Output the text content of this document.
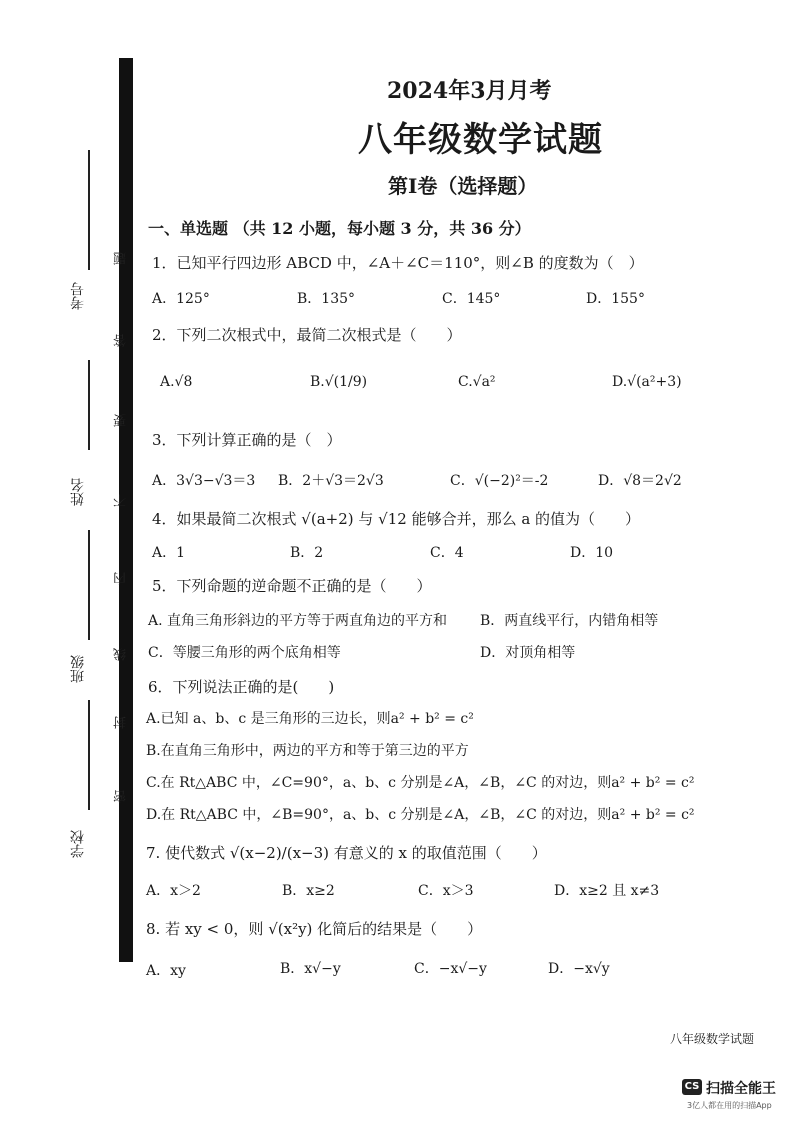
考号
姓名
班级
学校
题
答
要
不
内
线
封
密
2024年3月月考
八年级数学试题
第Ⅰ卷（选择题）
一、单选题 （共 12 小题，每小题 3 分，共 36 分）
1．已知平行四边形 ABCD 中，∠A＋∠C＝110°，则∠B 的度数为（　）
A．125°	B．135°	C．145°	D．155°
2．下列二次根式中，最简二次根式是（　　）
A.√8	B.√(1/9)	C.√a²	D.√(a²+3)
3．下列计算正确的是（　）
A．3√3−√3＝3 B．2＋√3＝2√3	C．√(−2)²＝-2	D．√8＝2√2
4．如果最简二次根式 √(a+2) 与 √12 能够合并，那么 a 的值为（　　）
A．1	B．2	C．4	D．10
5．下列命题的逆命题不正确的是（　　）
A. 直角三角形斜边的平方等于两直角边的平方和 B．两直线平行，内错角相等
C．等腰三角形的两个底角相等	D．对顶角相等
6．下列说法正确的是(　　)
A.已知 a、b、c 是三角形的三边长，则a² + b² = c²
B.在直角三角形中，两边的平方和等于第三边的平方
C.在 Rt△ABC 中，∠C=90°，a、b、c 分别是∠A，∠B，∠C 的对边，则a² + b² = c²
D.在 Rt△ABC 中，∠B=90°，a、b、c 分别是∠A，∠B，∠C 的对边，则a² + b² = c²
7. 使代数式 √(x−2)/(x−3) 有意义的 x 的取值范围（　　）
A．x＞2	B．x≥2	C．x＞3	D．x≥2 且 x≠3
8. 若 xy < 0，则 √(x²y) 化简后的结果是（　　）
A．xy	B．x√−y	C．−x√−y	D．−x√y
八年级数学试题
CS 扫描全能王
3亿人都在用的扫描App
